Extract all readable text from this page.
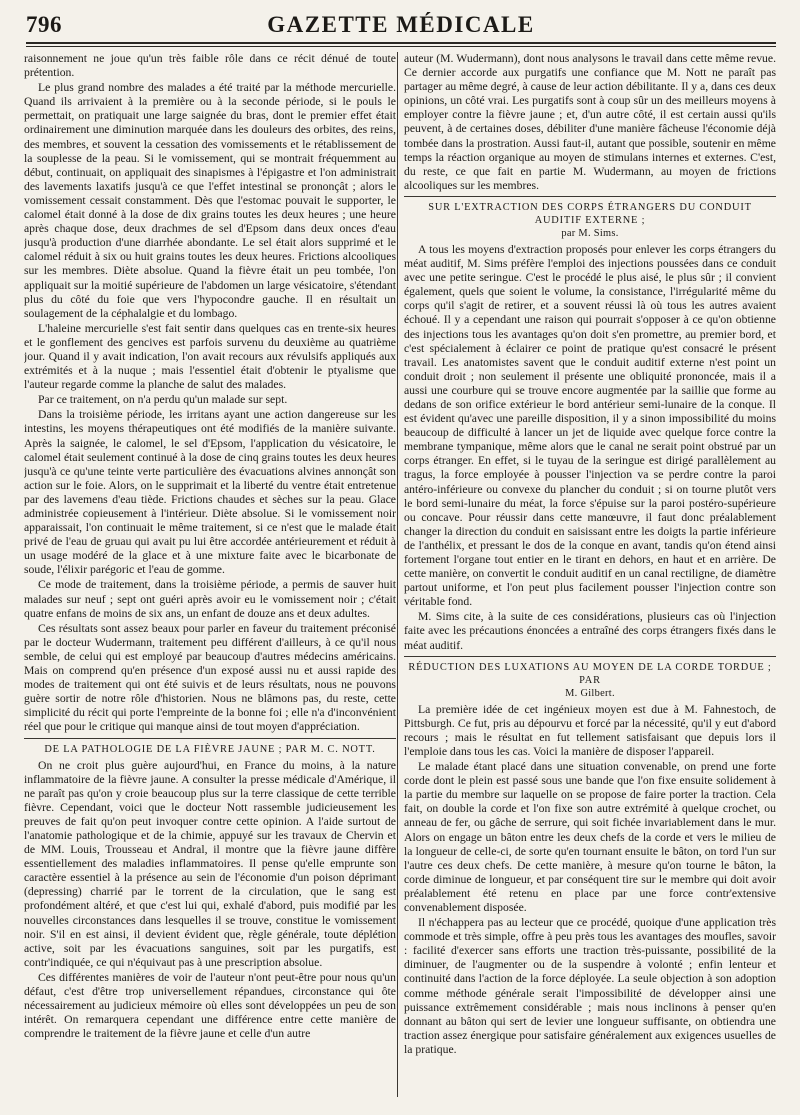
796	GAZETTE MÉDICALE

raisonnement ne joue qu'un très faible rôle dans ce récit dénué de toute prétention.

Le plus grand nombre des malades a été traité par la méthode mercurielle. Quand ils arrivaient à la première ou à la seconde période, si le pouls le permettait, on pratiquait une large saignée du bras, dont le premier effet était ordinairement une diminution marquée dans les douleurs des orbites, des reins, des membres, et souvent la cessation des vomissements et le rétablissement de la souplesse de la peau. Si le vomissement, qui se montrait fréquemment au début, continuait, on appliquait des sinapismes à l'épigastre et l'on administrait des lavements laxatifs jusqu'à ce que l'effet intestinal se prononçât ; alors le vomissement cessait constamment. Dès que l'estomac pouvait le supporter, le calomel était donné à la dose de dix grains toutes les deux heures ; une heure après chaque dose, deux drachmes de sel d'Epsom dans deux onces d'eau jusqu'à production d'une diarrhée abondante. Le sel était alors supprimé et le calomel réduit à six ou huit grains toutes les deux heures. Frictions alcooliques sur les membres. Diète absolue. Quand la fièvre était un peu tombée, l'on appliquait sur la moitié supérieure de l'abdomen un large vésicatoire, s'étendant plus du côté du foie que vers l'hypocondre gauche. Il en résultait un soulagement de la céphalalgie et du lombago.

L'haleine mercurielle s'est fait sentir dans quelques cas en trente-six heures et le gonflement des gencives est parfois survenu du deuxième au quatrième jour. Quand il y avait indication, l'on avait recours aux révulsifs appliqués aux extrémités et à la nuque ; mais l'essentiel était d'obtenir le ptyalisme que l'auteur regarde comme la planche de salut des malades.

Par ce traitement, on n'a perdu qu'un malade sur sept.

Dans la troisième période, les irritans ayant une action dangereuse sur les intestins, les moyens thérapeutiques ont été modifiés de la manière suivante. Après la saignée, le calomel, le sel d'Epsom, l'application du vésicatoire, le calomel était seulement continué à la dose de cinq grains toutes les deux heures jusqu'à ce qu'une teinte verte particulière des évacuations alvines annonçât son action sur le foie. Alors, on le supprimait et la liberté du ventre était entretenue par des lavemens d'eau tiède. Frictions chaudes et sèches sur la peau. Glace administrée copieusement à l'intérieur. Diète absolue. Si le vomissement noir apparaissait, l'on continuait le même traitement, si ce n'est que le malade était privé de l'eau de gruau qui avait pu lui être accordée antérieurement et réduit à un usage modéré de la glace et à une mixture faite avec le bicarbonate de soude, l'élixir parégoric et l'eau de gomme.

Ce mode de traitement, dans la troisième période, a permis de sauver huit malades sur neuf ; sept ont guéri après avoir eu le vomissement noir ; c'était quatre enfans de moins de six ans, un enfant de douze ans et deux adultes.

Ces résultats sont assez beaux pour parler en faveur du traitement préconisé par le docteur Wudermann, traitement peu différent d'ailleurs, à ce qu'il nous semble, de celui qui est employé par beaucoup d'autres médecins américains. Mais on comprend qu'en présence d'un exposé aussi nu et aussi rapide des modes de traitement qui ont été suivis et de leurs résultats, nous ne pouvons guère sortir de notre rôle d'historien. Nous ne blâmons pas, du reste, cette simplicité du récit qui porte l'empreinte de la bonne foi ; elle n'a d'inconvénient réel que pour le critique qui manque ainsi de tout moyen d'appréciation.

DE LA PATHOLOGIE DE LA FIÈVRE JAUNE ; PAR M. C. NOTT.

On ne croit plus guère aujourd'hui, en France du moins, à la nature inflammatoire de la fièvre jaune. A consulter la presse médicale d'Amérique, il ne paraît pas qu'on y croie beaucoup plus sur la terre classique de cette terrible fièvre. Cependant, voici que le docteur Nott rassemble judicieusement les preuves de fait qu'on peut invoquer contre cette opinion. A l'aide surtout de l'anatomie pathologique et de la chimie, appuyé sur les travaux de Chervin et de MM. Louis, Trousseau et Andral, il montre que la fièvre jaune diffère essentiellement des maladies inflammatoires. Il pense qu'elle emprunte son caractère essentiel à la présence au sein de l'économie d'un poison déprimant (depressing) charrié par le torrent de la circulation, que le sang est profondément altéré, et que c'est lui qui, exhalé d'abord, puis modifié par les nouvelles circonstances dans lesquelles il se trouve, constitue le vomissement noir. S'il en est ainsi, il devient évident que, règle générale, toute déplétion active, soit par les évacuations sanguines, soit par les purgatifs, est contr'indiquée, ce qui n'équivaut pas à une prescription absolue.

Ces différentes manières de voir de l'auteur n'ont peut-être pour nous qu'un défaut, c'est d'être trop universellement répandues, circonstance qui ôte nécessairement au judicieux mémoire où elles sont développées un peu de son intérêt. On remarquera cependant une différence entre cette manière de comprendre le traitement de la fièvre jaune et celle d'un autre

auteur (M. Wudermann), dont nous analysons le travail dans cette même revue. Ce dernier accorde aux purgatifs une confiance que M. Nott ne paraît pas partager au même degré, à cause de leur action débilitante. Il y a, dans ces deux opinions, un côté vrai. Les purgatifs sont à coup sûr un des meilleurs moyens à employer contre la fièvre jaune ; et, d'un autre côté, il est certain aussi qu'ils peuvent, à de certaines doses, débiliter d'une manière fâcheuse l'économie déjà tombée dans la prostration. Aussi faut-il, autant que possible, soutenir en même temps la réaction organique au moyen de stimulans internes et externes. C'est, du reste, ce que fait en partie M. Wudermann, au moyen de frictions alcooliques sur les membres.

SUR L'EXTRACTION DES CORPS ÉTRANGERS DU CONDUIT AUDITIF EXTERNE ;
par M. Sims.

A tous les moyens d'extraction proposés pour enlever les corps étrangers du méat auditif, M. Sims préfère l'emploi des injections poussées dans ce conduit avec une petite seringue. C'est le procédé le plus aisé, le plus sûr ; il convient également, quels que soient le volume, la consistance, l'irrégularité même du corps qu'il s'agit de retirer, et a souvent réussi là où tous les autres avaient échoué. Il y a cependant une raison qui pourrait s'opposer à ce qu'on obtienne des injections tous les avantages qu'on doit s'en promettre, au premier bord, et c'est spécialement à éclairer ce point de pratique qu'est consacré le présent travail. Les anatomistes savent que le conduit auditif externe n'est point un conduit droit ; non seulement il présente une obliquité prononcée, mais il a aussi une courbure qui se trouve encore augmentée par la saillie que forme au dedans de son orifice extérieur le bord antérieur semi-lunaire de la conque. Il est évident qu'avec une pareille disposition, il y a sinon impossibilité du moins beaucoup de difficulté à lancer un jet de liquide avec quelque force contre la membrane tympanique, même alors que le canal ne serait point obstrué par un corps étranger. En effet, si le tuyau de la seringue est dirigé parallèlement au tragus, la force employée à pousser l'injection va se perdre contre la paroi antéro-inférieure ou convexe du plancher du conduit ; si on tourne plutôt vers le bord semi-lunaire du méat, la force s'épuise sur la paroi postéro-supérieure ou concave. Pour réussir dans cette manœuvre, il faut donc préalablement changer la direction du conduit en saisissant entre les doigts la partie inférieure de l'anthélix, et pressant le dos de la conque en avant, tandis qu'on étend ainsi fortement l'organe tout entier en le tirant en dehors, en haut et en arrière. De cette manière, on convertit le conduit auditif en un canal rectiligne, de diamètre partout uniforme, et l'on peut plus facilement pousser l'injection contre son véritable fond.

M. Sims cite, à la suite de ces considérations, plusieurs cas où l'injection faite avec les précautions énoncées a entraîné des corps étrangers fixés dans le méat auditif.

RÉDUCTION DES LUXATIONS AU MOYEN DE LA CORDE TORDUE ; PAR
M. Gilbert.

La première idée de cet ingénieux moyen est due à M. Fahnestoch, de Pittsburgh. Ce fut, pris au dépourvu et forcé par la nécessité, qu'il y eut d'abord recours ; mais le résultat en fut tellement satisfaisant que depuis lors il l'emploie dans tous les cas. Voici la manière de disposer l'appareil.

Le malade étant placé dans une situation convenable, on prend une forte corde dont le plein est passé sous une bande que l'on fixe ensuite solidement à la partie du membre sur laquelle on se propose de faire porter la traction. Cela fait, on double la corde et l'on fixe son autre extrémité à quelque crochet, ou anneau de fer, ou gâche de serrure, qui soit fichée invariablement dans le mur. Alors on engage un bâton entre les deux chefs de la corde et vers le milieu de la longueur de celle-ci, de sorte qu'en tournant ensuite le bâton, on tord l'un sur l'autre ces deux chefs. De cette manière, à mesure qu'on tourne le bâton, la corde diminue de longueur, et par conséquent tire sur le membre qui doit avoir préalablement été retenu en place par une force contr'extensive convenablement disposée.

Il n'échappera pas au lecteur que ce procédé, quoique d'une application très commode et très simple, offre à peu près tous les avantages des moufles, savoir : facilité d'exercer sans efforts une traction très-puissante, possibilité de la diminuer, de l'augmenter ou de la suspendre à volonté ; enfin lenteur et continuité dans l'action de la force déployée. La seule objection à son adoption comme méthode générale serait l'impossibilité de développer ainsi une puissance extrêmement considérable ; mais nous inclinons à penser qu'en donnant au bâton qui sert de levier une longueur suffisante, on obtiendra une traction assez énergique pour satisfaire généralement aux exigences usuelles de la pratique.
